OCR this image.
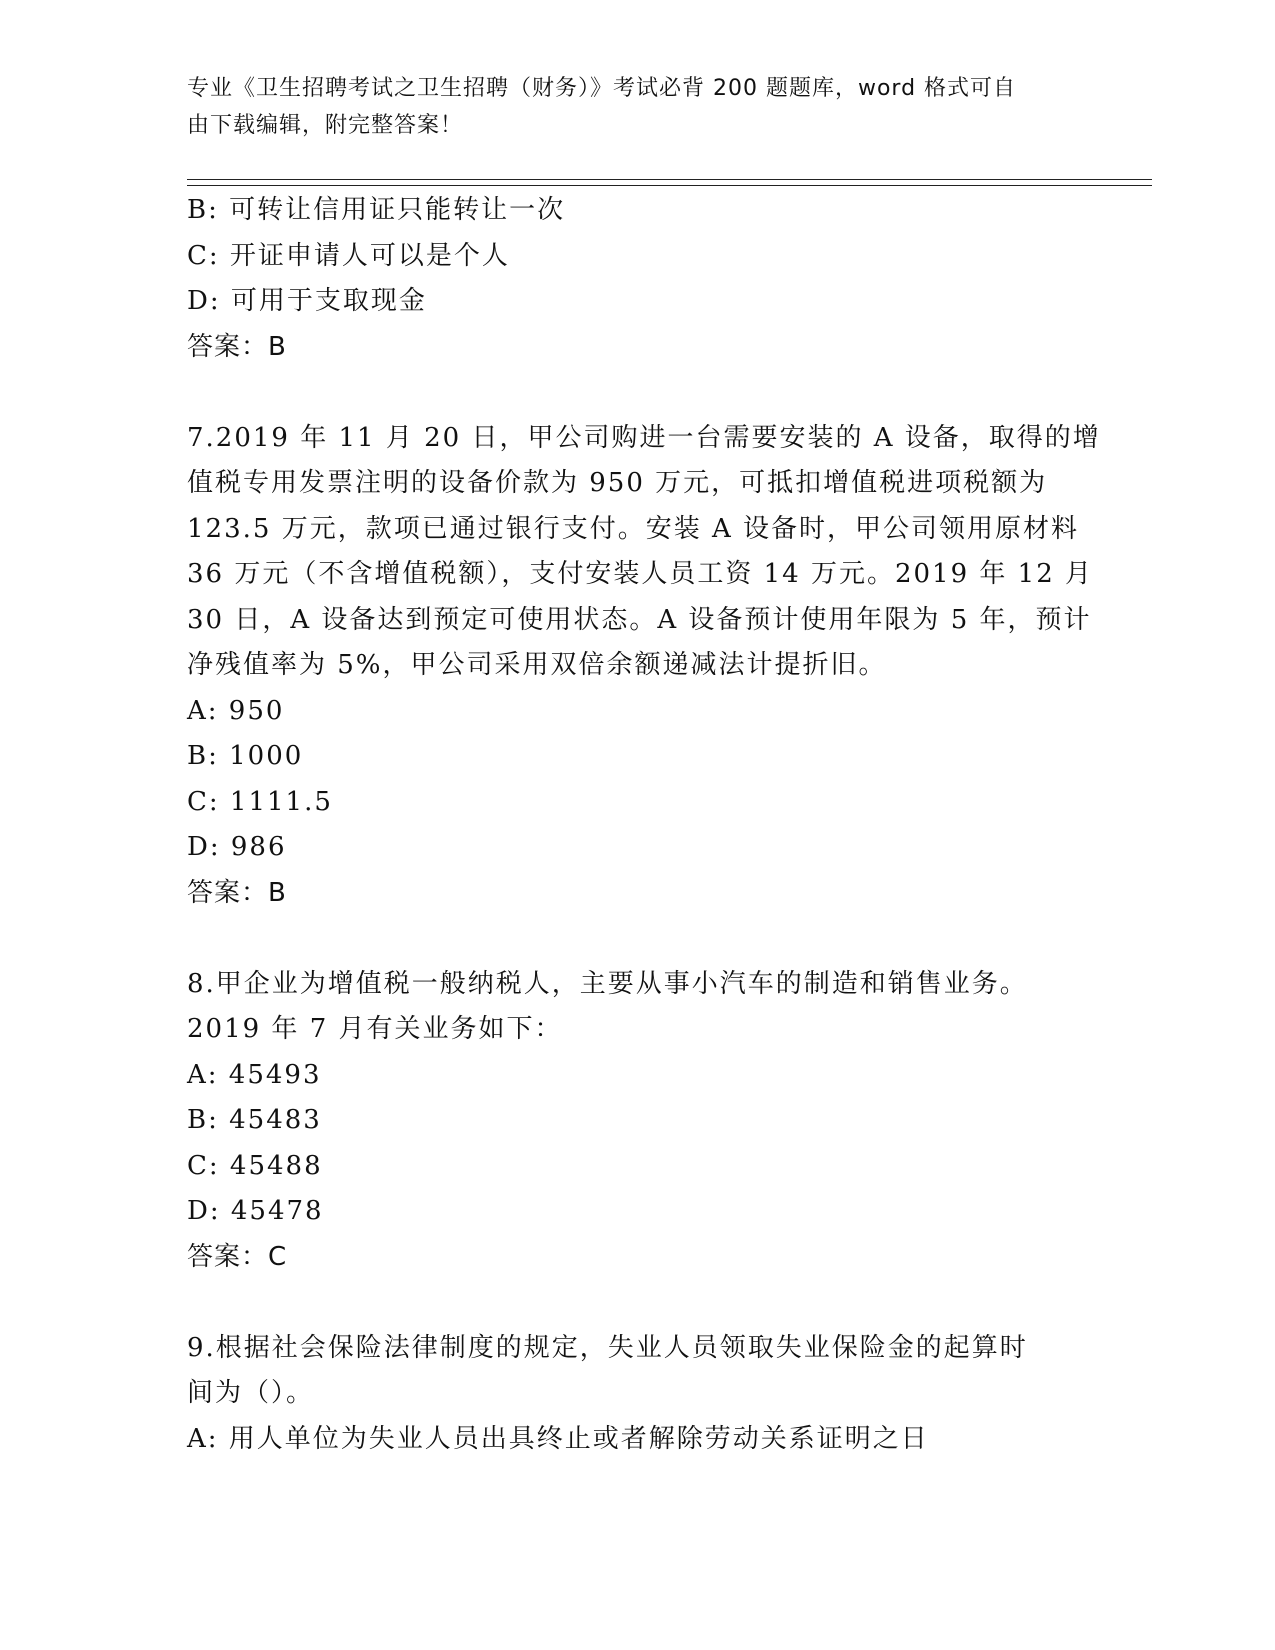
专业《卫生招聘考试之卫生招聘（财务）》考试必背 200 题题库，word 格式可自
由下载编辑，附完整答案！
B: 可转让信用证只能转让一次
C: 开证申请人可以是个人
D: 可用于支取现金
答案：B
7.2019 年 11 月 20 日，甲公司购进一台需要安装的 A 设备，取得的增
值税专用发票注明的设备价款为 950 万元，可抵扣增值税进项税额为
123.5 万元，款项已通过银行支付。安装 A 设备时，甲公司领用原材料
36 万元（不含增值税额），支付安装人员工资 14 万元。2019 年 12 月
30 日，A 设备达到预定可使用状态。A 设备预计使用年限为 5 年，预计
净残值率为 5%，甲公司采用双倍余额递减法计提折旧。
A: 950
B: 1000
C: 1111.5
D: 986
答案：B
8.甲企业为增值税一般纳税人，主要从事小汽车的制造和销售业务。
2019 年 7 月有关业务如下：
A: 45493
B: 45483
C: 45488
D: 45478
答案：C
9.根据社会保险法律制度的规定，失业人员领取失业保险金的起算时
间为（）。
A: 用人单位为失业人员出具终止或者解除劳动关系证明之日
